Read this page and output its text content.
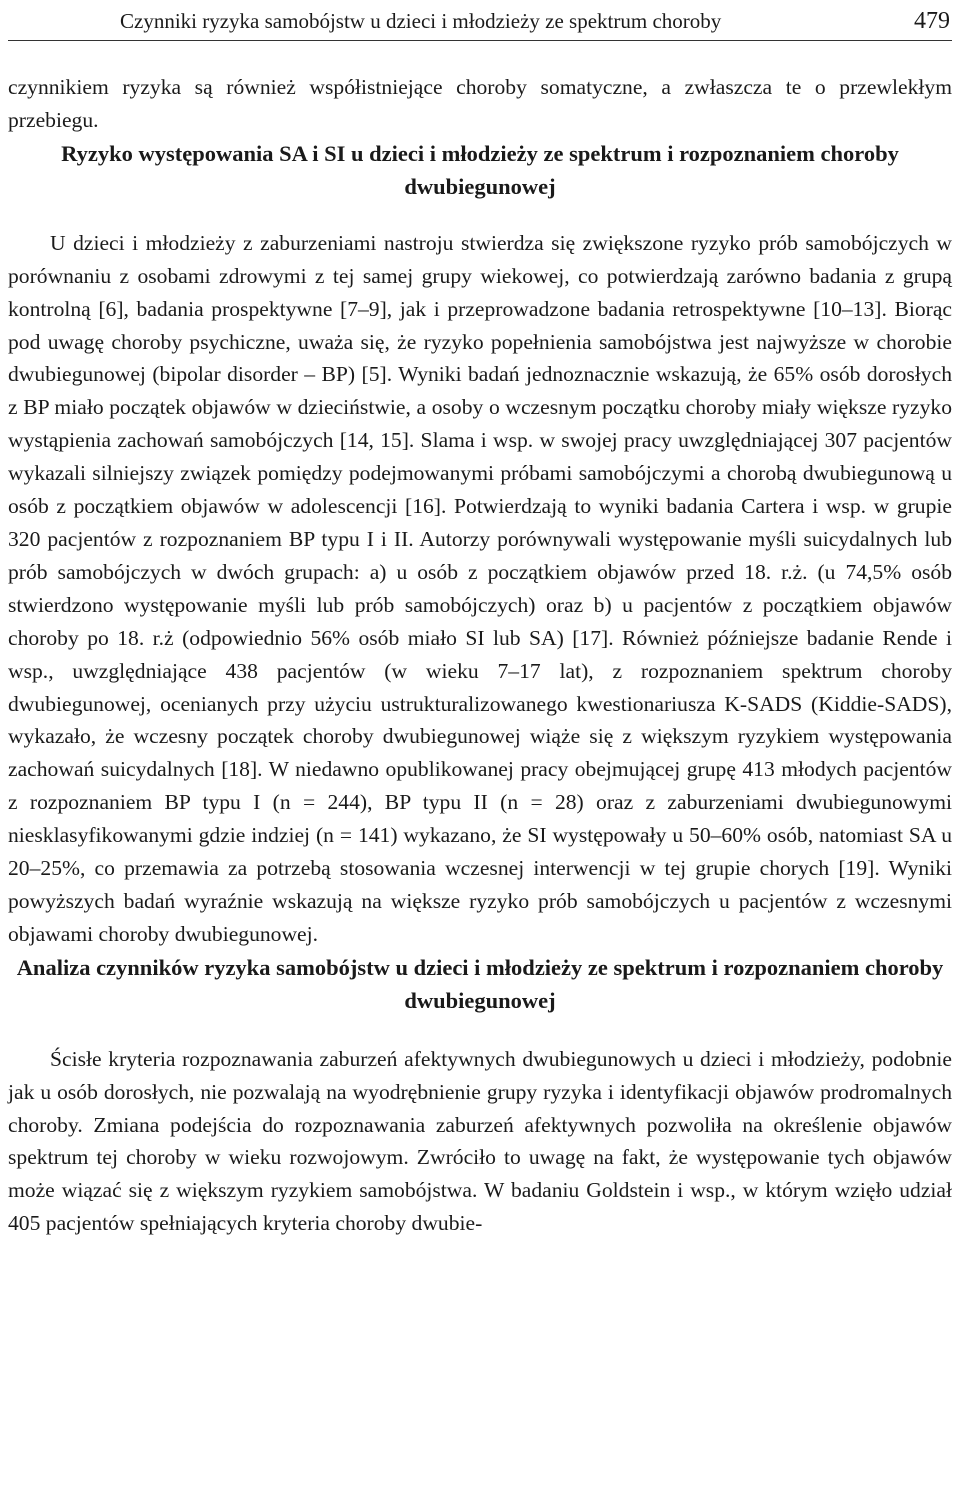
Czynniki ryzyka samobójstw u dzieci i młodzieży ze spektrum choroby	479

czynnikiem ryzyka są również współistniejące choroby somatyczne, a zwłaszcza te o przewlekłym przebiegu.

Ryzyko występowania SA i SI u dzieci i młodzieży ze spektrum i rozpoznaniem choroby dwubiegunowej

U dzieci i młodzieży z zaburzeniami nastroju stwierdza się zwiększone ryzyko prób samobójczych w porównaniu z osobami zdrowymi z tej samej grupy wiekowej, co potwierdzają zarówno badania z grupą kontrolną [6], badania prospektywne [7–9], jak i przeprowadzone badania retrospektywne [10–13]. Biorąc pod uwagę choroby psychiczne, uważa się, że ryzyko popełnienia samobójstwa jest najwyższe w chorobie dwubiegunowej (bipolar disorder – BP) [5]. Wyniki badań jednoznacznie wskazują, że 65% osób dorosłych z BP miało początek objawów w dzieciństwie, a osoby o wczesnym początku choroby miały większe ryzyko wystąpienia zachowań samobójczych [14, 15]. Slama i wsp. w swojej pracy uwzględniającej 307 pacjentów wykazali silniejszy związek pomiędzy podejmowanymi próbami samobójczymi a chorobą dwubiegunową u osób z początkiem objawów w adolescencji [16]. Potwierdzają to wyniki badania Cartera i wsp. w grupie 320 pacjentów z rozpoznaniem BP typu I i II. Autorzy porównywali występowanie myśli suicydalnych lub prób samobójczych w dwóch grupach: a) u osób z początkiem objawów przed 18. r.ż. (u 74,5% osób stwierdzono występowanie myśli lub prób samobójczych) oraz b) u pacjentów z początkiem objawów choroby po 18. r.ż (odpowiednio 56% osób miało SI lub SA) [17]. Również późniejsze badanie Rende i wsp., uwzględniające 438 pacjentów (w wieku 7–17 lat), z rozpoznaniem spektrum choroby dwubiegunowej, ocenianych przy użyciu ustrukturalizowanego kwestionariusza K-SADS (Kiddie-SADS), wykazało, że wczesny początek choroby dwubiegunowej wiąże się z większym ryzykiem występowania zachowań suicydalnych [18]. W niedawno opublikowanej pracy obejmującej grupę 413 młodych pacjentów z rozpoznaniem BP typu I (n = 244), BP typu II (n = 28) oraz z zaburzeniami dwubiegunowymi niesklasyfikowanymi gdzie indziej (n = 141) wykazano, że SI występowały u 50–60% osób, natomiast SA u 20–25%, co przemawia za potrzebą stosowania wczesnej interwencji w tej grupie chorych [19]. Wyniki powyższych badań wyraźnie wskazują na większe ryzyko prób samobójczych u pacjentów z wczesnymi objawami choroby dwubiegunowej.

Analiza czynników ryzyka samobójstw u dzieci i młodzieży ze spektrum i rozpoznaniem choroby dwubiegunowej

Ścisłe kryteria rozpoznawania zaburzeń afektywnych dwubiegunowych u dzieci i młodzieży, podobnie jak u osób dorosłych, nie pozwalają na wyodrębnienie grupy ryzyka i identyfikacji objawów prodromalnych choroby. Zmiana podejścia do rozpoznawania zaburzeń afektywnych pozwoliła na określenie objawów spektrum tej choroby w wieku rozwojowym. Zwróciło to uwagę na fakt, że występowanie tych objawów może wiązać się z większym ryzykiem samobójstwa. W badaniu Goldstein i wsp., w którym wzięło udział 405 pacjentów spełniających kryteria choroby dwubie-
